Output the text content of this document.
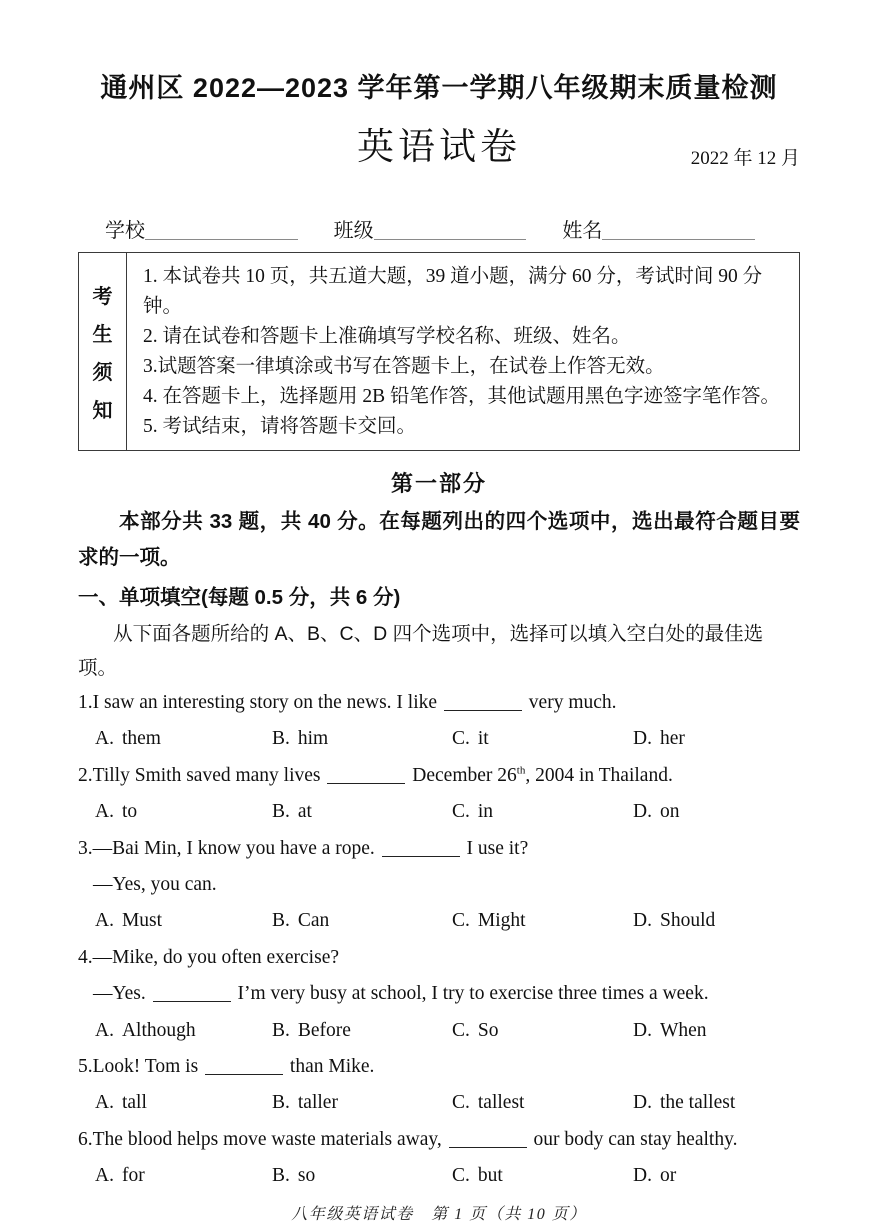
通州区 2022—2023 学年第一学期八年级期末质量检测
英语试卷	2022 年 12 月
学校	班级	姓名
考
生
须
知
1. 本试卷共 10 页，共五道大题，39 道小题，满分 60 分，考试时间 90 分钟。
2. 请在试卷和答题卡上准确填写学校名称、班级、姓名。
3.试题答案一律填涂或书写在答题卡上，在试卷上作答无效。
4. 在答题卡上，选择题用 2B 铅笔作答，其他试题用黑色字迹签字笔作答。
5. 考试结束，请将答题卡交回。
第一部分
本部分共 33 题，共 40 分。在每题列出的四个选项中，选出最符合题目要求的一项。
一、单项填空(每题 0.5 分，共 6 分)
从下面各题所给的 A、B、C、D 四个选项中，选择可以填入空白处的最佳选项。
1.I saw an interesting story on the news. I like	very much.
A. them	B. him	C. it	D. her
2.Tilly Smith saved many lives	December 26th, 2004 in Thailand.
A. to	B. at	C. in	D. on
3.—Bai Min, I know you have a rope.	I use it?
—Yes, you can.
A. Must	B. Can	C. Might	D. Should
4.—Mike, do you often exercise?
—Yes.	I’m very busy at school, I try to exercise three times a week.
A. Although	B. Before	C. So	D. When
5.Look! Tom is	than Mike.
A. tall	B. taller	C. tallest	D. the tallest
6.The blood helps move waste materials away,	our body can stay healthy.
A. for	B. so	C. but	D. or
八年级英语试卷　第 1 页（共 10 页）
